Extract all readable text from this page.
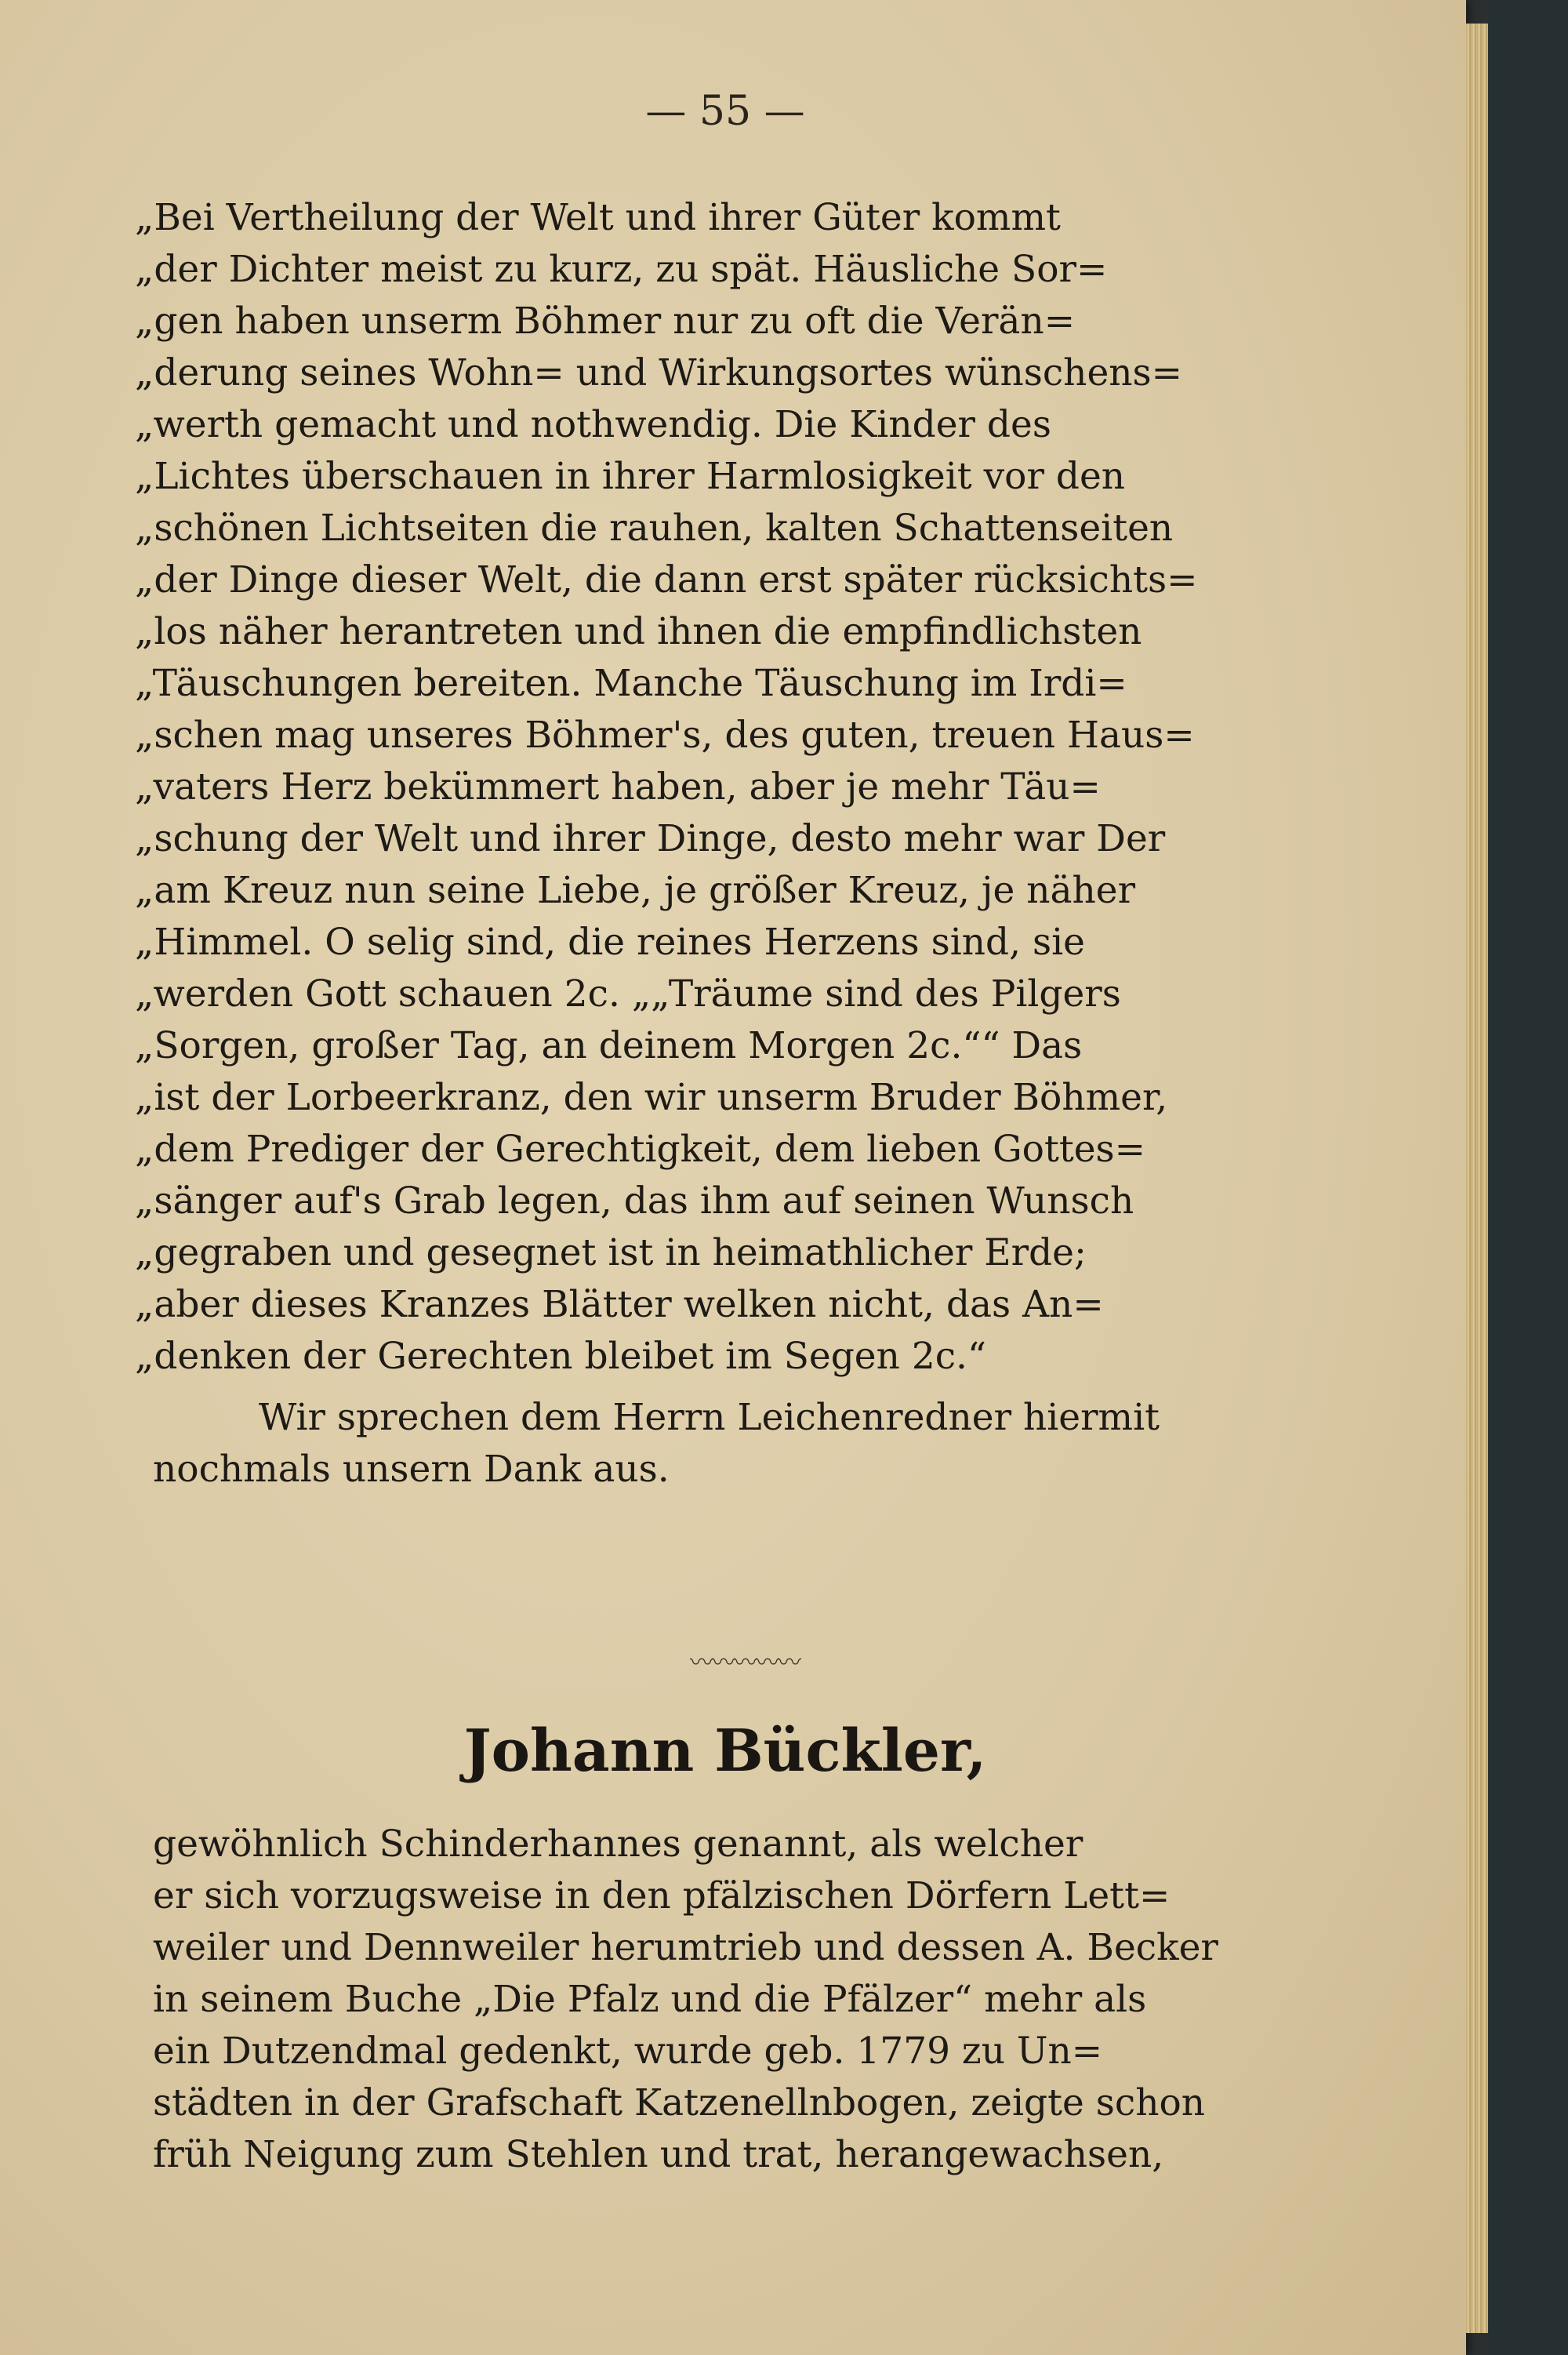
— 55 —
„Bei Vertheilung der Welt und ihrer Güter kommt
„der Dichter meist zu kurz, zu spät. Häusliche Sor=
„gen haben unserm Böhmer nur zu oft die Verän=
„derung seines Wohn= und Wirkungsortes wünschens=
„werth gemacht und nothwendig. Die Kinder des
„Lichtes überschauen in ihrer Harmlosigkeit vor den
„schönen Lichtseiten die rauhen, kalten Schattenseiten
„der Dinge dieser Welt, die dann erst später rücksichts=
„los näher herantreten und ihnen die empfindlichsten
„Täuschungen bereiten. Manche Täuschung im Irdi=
„schen mag unseres Böhmer's, des guten, treuen Haus=
„vaters Herz bekümmert haben, aber je mehr Täu=
„schung der Welt und ihrer Dinge, desto mehr war Der
„am Kreuz nun seine Liebe, je größer Kreuz, je näher
„Himmel. O selig sind, die reines Herzens sind, sie
„werden Gott schauen 2c. „„Träume sind des Pilgers
„Sorgen, großer Tag, an deinem Morgen 2c.““ Das
„ist der Lorbeerkranz, den wir unserm Bruder Böhmer,
„dem Prediger der Gerechtigkeit, dem lieben Gottes=
„sänger auf's Grab legen, das ihm auf seinen Wunsch
„gegraben und gesegnet ist in heimathlicher Erde;
„aber dieses Kranzes Blätter welken nicht, das An=
„denken der Gerechten bleibet im Segen 2c.“
Wir sprechen dem Herrn Leichenredner hiermit
nochmals unsern Dank aus.
〰〰〰〰〰
Johann Bückler,
gewöhnlich Schinderhannes genannt, als welcher
er sich vorzugsweise in den pfälzischen Dörfern Lett=
weiler und Dennweiler herumtrieb und dessen A. Becker
in seinem Buche „Die Pfalz und die Pfälzer“ mehr als
ein Dutzendmal gedenkt, wurde geb. 1779 zu Un=
städten in der Grafschaft Katzenellnbogen, zeigte schon
früh Neigung zum Stehlen und trat, herangewachsen,
